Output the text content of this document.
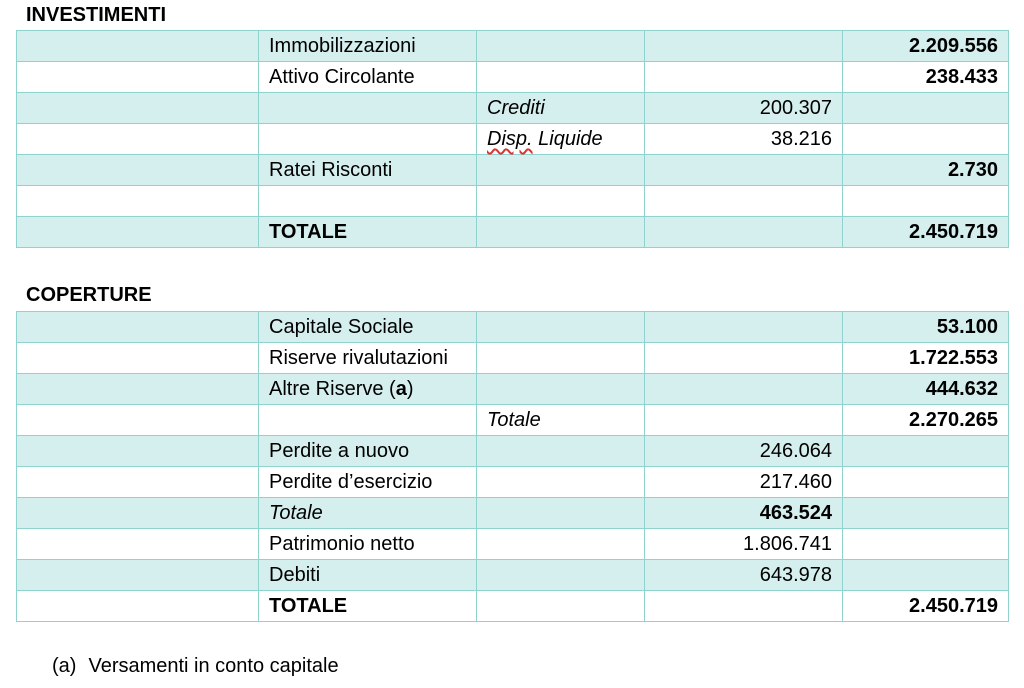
INVESTIMENTI
	Immobilizzazioni			2.209.556
	Attivo Circolante			238.433
		Crediti	200.307	
		Disp. Liquide	38.216	
	Ratei Risconti			2.730

	TOTALE			2.450.719
COPERTURE
	Capitale Sociale			53.100
	Riserve rivalutazioni			1.722.553
	Altre Riserve (a)			444.632
		Totale		2.270.265
	Perdite a nuovo		246.064	
	Perdite d’esercizio		217.460	
	Totale		463.524	
	Patrimonio netto		1.806.741	
	Debiti		643.978	
	TOTALE			2.450.719
(a) Versamenti in conto capitale
